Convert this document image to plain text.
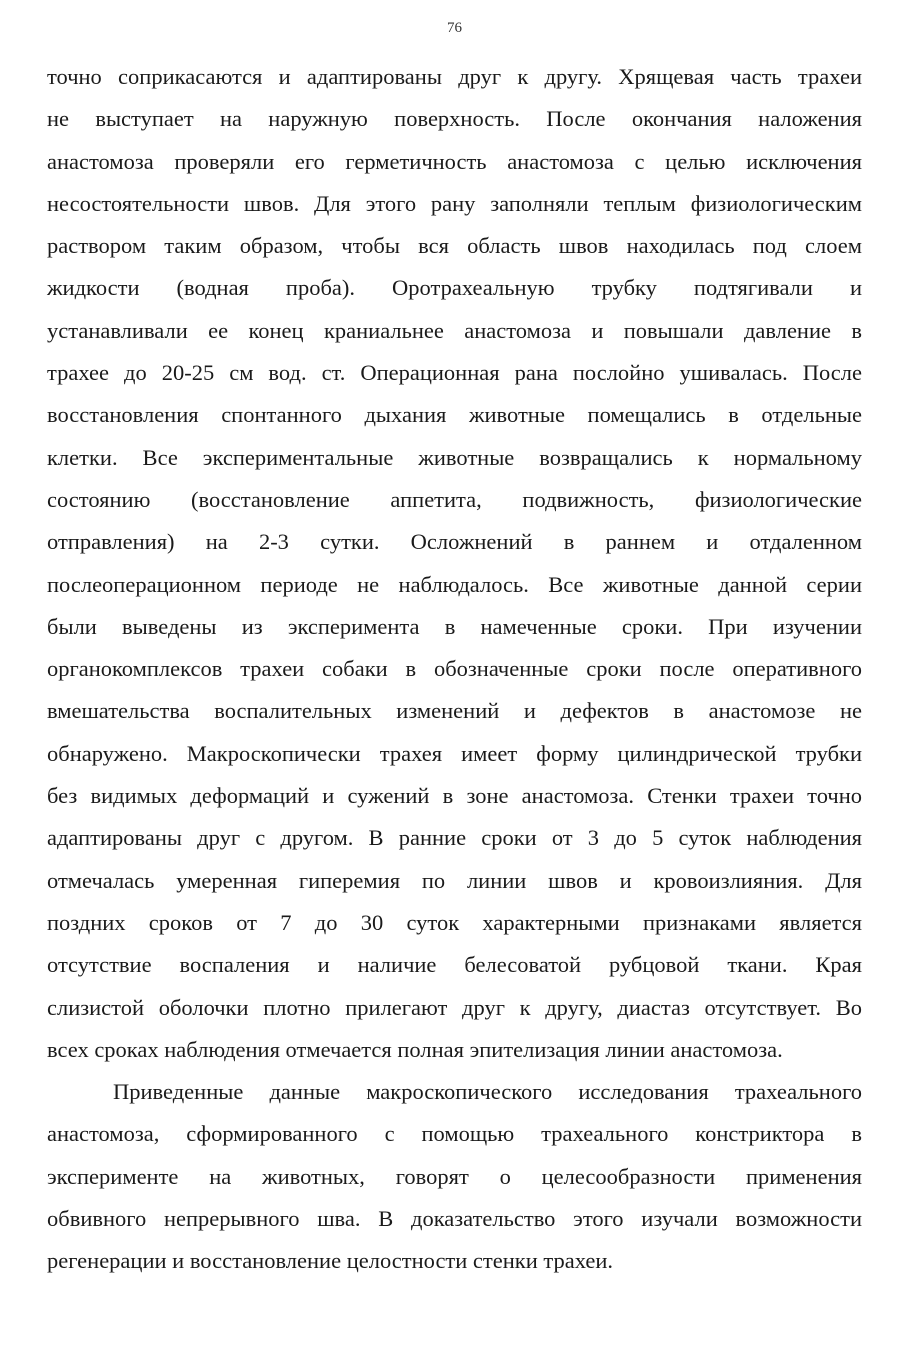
76
точно соприкасаются и адаптированы друг к другу. Хрящевая часть трахеи
не выступает на наружную поверхность. После окончания наложения
анастомоза проверяли его герметичность анастомоза с целью исключения
несостоятельности швов. Для этого рану заполняли теплым физиологическим
раствором таким образом, чтобы вся область швов находилась под слоем
жидкости (водная проба). Оротрахеальную трубку подтягивали и
устанавливали ее конец краниальнее анастомоза и повышали давление в
трахее до 20-25 см вод. ст. Операционная рана послойно ушивалась. После
восстановления спонтанного дыхания животные помещались в отдельные
клетки. Все экспериментальные животные возвращались к нормальному
состоянию (восстановление аппетита, подвижность, физиологические
отправления) на 2-3 сутки. Осложнений в раннем и отдаленном
послеоперационном периоде не наблюдалось. Все животные данной серии
были выведены из эксперимента в намеченные сроки. При изучении
органокомплексов трахеи собаки в обозначенные сроки после оперативного
вмешательства воспалительных изменений и дефектов в анастомозе не
обнаружено. Макроскопически трахея имеет форму цилиндрической трубки
без видимых деформаций и сужений в зоне анастомоза. Стенки трахеи точно
адаптированы друг с другом. В ранние сроки от 3 до 5 суток наблюдения
отмечалась умеренная гиперемия по линии швов и кровоизлияния. Для
поздних сроков от 7 до 30 суток характерными признаками является
отсутствие воспаления и наличие белесоватой рубцовой ткани. Края
слизистой оболочки плотно прилегают друг к другу, диастаз отсутствует. Во
всех сроках наблюдения отмечается полная эпителизация линии анастомоза.
Приведенные данные макроскопического исследования трахеального
анастомоза, сформированного с помощью трахеального констриктора в
эксперименте на животных, говорят о целесообразности применения
обвивного непрерывного шва. В доказательство этого изучали возможности
регенерации и восстановление целостности стенки трахеи.
